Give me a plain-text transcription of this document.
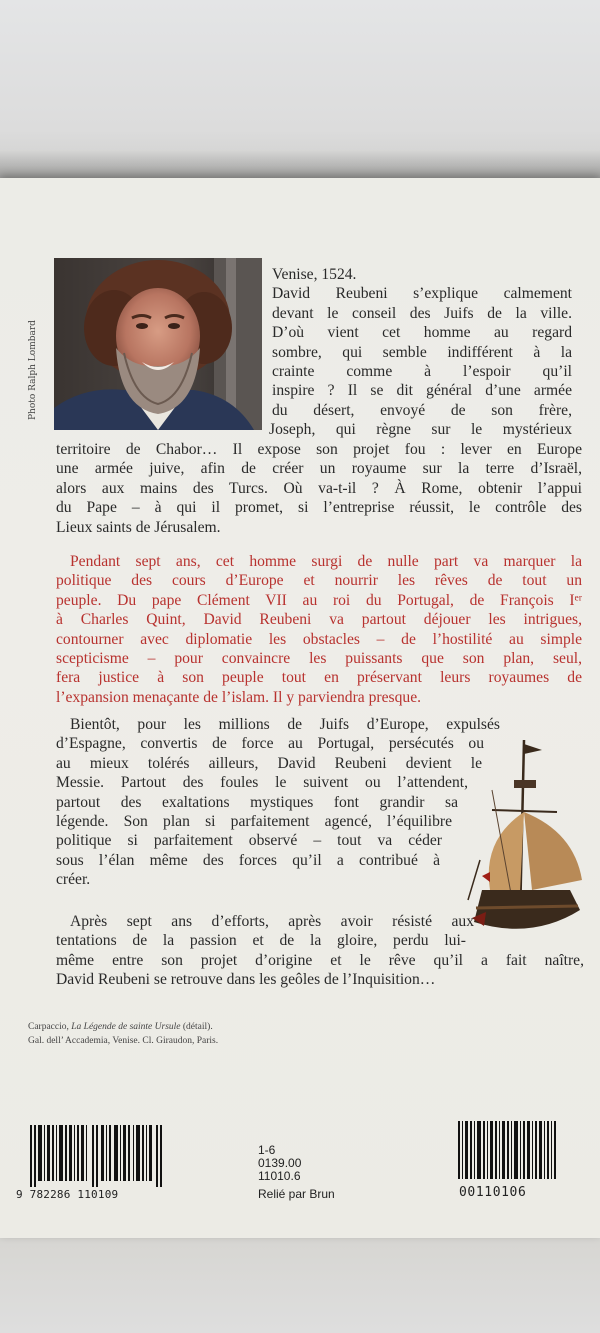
Photo Ralph Lombard
Venise, 1524.
David Reubeni s’explique calmement
devant le conseil des Juifs de la ville.
D’où vient cet homme au regard
sombre, qui semble indifférent à la
crainte comme à l’espoir qu’il
inspire ? Il se dit général d’une armée
du désert, envoyé de son frère,
Joseph, qui règne sur le mystérieux
territoire de Chabor… Il expose son projet fou : lever en Europe
une armée juive, afin de créer un royaume sur la terre d’Israël,
alors aux mains des Turcs. Où va-t-il ? À Rome, obtenir l’appui
du Pape – à qui il promet, si l’entreprise réussit, le contrôle des
Lieux saints de Jérusalem.
Pendant sept ans, cet homme surgi de nulle part va marquer la
politique des cours d’Europe et nourrir les rêves de tout un
peuple. Du pape Clément VII au roi du Portugal, de François Iᵉʳ
à Charles Quint, David Reubeni va partout déjouer les intrigues,
contourner avec diplomatie les obstacles – de l’hostilité au simple
scepticisme – pour convaincre les puissants que son plan, seul,
fera justice à son peuple tout en préservant leurs royaumes de
l’expansion menaçante de l’islam. Il y parviendra presque.
Bientôt, pour les millions de Juifs d’Europe, expulsés
d’Espagne, convertis de force au Portugal, persécutés ou
au mieux tolérés ailleurs, David Reubeni devient le
Messie. Partout des foules le suivent ou l’attendent,
partout des exaltations mystiques font grandir sa
légende. Son plan si parfaitement agencé, l’équilibre
politique si parfaitement observé – tout va céder
sous l’élan même des forces qu’il a contribué à
créer.
Après sept ans d’efforts, après avoir résisté aux
tentations de la passion et de la gloire, perdu lui-
même entre son projet d’origine et le rêve qu’il a fait naître,
David Reubeni se retrouve dans les geôles de l’Inquisition…
Carpaccio, La Légende de sainte Ursule (détail).
Gal. dell’ Accademia, Venise. Cl. Giraudon, Paris.
9 782286 110109
1-6
0139.00
11010.6
Relié par Brun	00110106
